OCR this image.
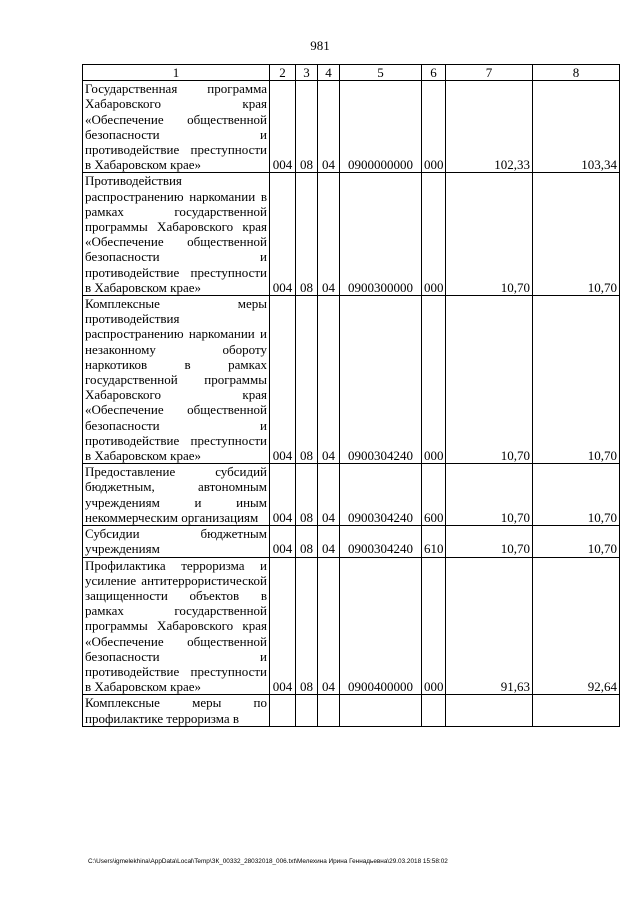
981
1	2	3	4	5	6	7	8
Государственная программа Хабаровского края «Обеспечение общественной безопасности и противодействие преступности в Хабаровском крае»	004	08	04	0900000000	000	102,33	103,34
Противодействия распространению наркомании в рамках государственной программы Хабаровского края «Обеспечение общественной безопасности и противодействие преступности в Хабаровском крае»	004	08	04	0900300000	000	10,70	10,70
Комплексные меры противодействия распространению наркомании и незаконному обороту наркотиков в рамках государственной программы Хабаровского края «Обеспечение общественной безопасности и противодействие преступности в Хабаровском крае»	004	08	04	0900304240	000	10,70	10,70
Предоставление субсидий бюджетным, автономным учреждениям и иным некоммерческим организациям	004	08	04	0900304240	600	10,70	10,70
Субсидии бюджетным учреждениям	004	08	04	0900304240	610	10,70	10,70
Профилактика терроризма и усиление антитеррористической защищенности объектов в рамках государственной программы Хабаровского края «Обеспечение общественной безопасности и противодействие преступности в Хабаровском крае»	004	08	04	0900400000	000	91,63	92,64
Комплексные меры по профилактике терроризма в							
C:\Users\igmelekhina\AppData\Local\Temp\ЗК_00332_28032018_006.txt\Мелехина Ирина Геннадьевна\29.03.2018 15:58:02
